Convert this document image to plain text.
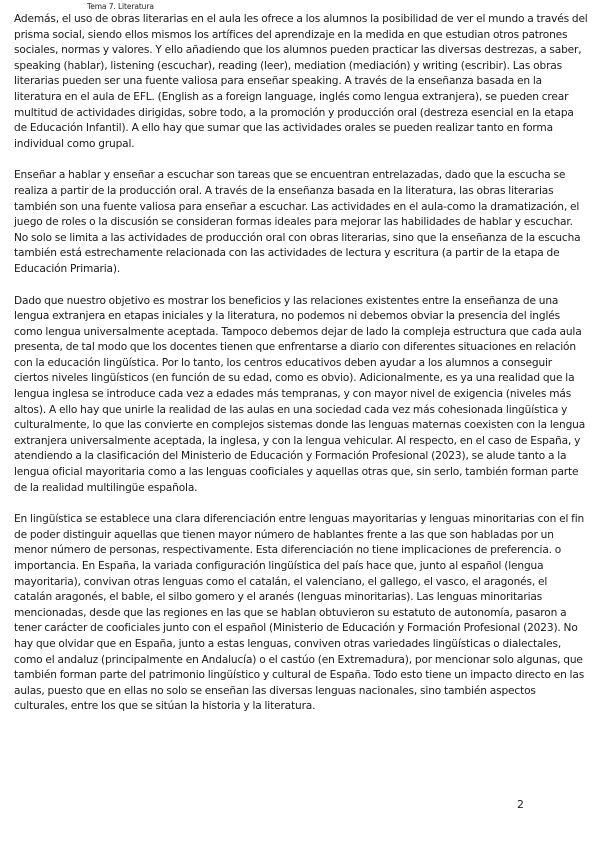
Tema 7. Literatura

Además, el uso de obras literarias en el aula les ofrece a los alumnos la posibilidad de ver el mundo a través del prisma social, siendo ellos mismos los artífices del aprendizaje en la medida en que estudian otros patrones sociales, normas y valores. Y ello añadiendo que los alumnos pueden practicar las diversas destrezas, a saber, speaking (hablar), listening (escuchar), reading (leer), mediation (mediación) y writing (escribir). Las obras literarias pueden ser una fuente valiosa para enseñar speaking. A través de la enseñanza basada en la literatura en el aula de EFL. (English as a foreign language, inglés como lengua extranjera), se pueden crear multitud de actividades dirigidas, sobre todo, a la promoción y producción oral (destreza esencial en la etapa de Educación Infantil). A ello hay que sumar que las actividades orales se pueden realizar tanto en forma individual como grupal.

Enseñar a hablar y enseñar a escuchar son tareas que se encuentran entrelazadas, dado que la escucha se realiza a partir de la producción oral. A través de la enseñanza basada en la literatura, las obras literarias también son una fuente valiosa para enseñar a escuchar. Las actividades en el aula-como la dramatización, el juego de roles o la discusión se consideran formas ideales para mejorar las habilidades de hablar y escuchar. No solo se limita a las actividades de producción oral con obras literarias, sino que la enseñanza de la escucha también está estrechamente relacionada con las actividades de lectura y escritura (a partir de la etapa de Educación Primaria).

Dado que nuestro objetivo es mostrar los beneficios y las relaciones existentes entre la enseñanza de una lengua extranjera en etapas iniciales y la literatura, no podemos ni debemos obviar la presencia del inglés como lengua universalmente aceptada. Tampoco debemos dejar de lado la compleja estructura que cada aula presenta, de tal modo que los docentes tienen que enfrentarse a diario con diferentes situaciones en relación con la educación lingüística. Por lo tanto, los centros educativos deben ayudar a los alumnos a conseguir ciertos niveles lingüísticos (en función de su edad, como es obvio). Adicionalmente, es ya una realidad que la lengua inglesa se introduce cada vez a edades más tempranas, y con mayor nivel de exigencia (niveles más altos). A ello hay que unirle la realidad de las aulas en una sociedad cada vez más cohesionada lingüística y culturalmente, lo que las convierte en complejos sistemas donde las lenguas maternas coexisten con la lengua extranjera universalmente aceptada, la inglesa, y con la lengua vehicular. Al respecto, en el caso de España, y atendiendo a la clasificación del Ministerio de Educación y Formación Profesional (2023), se alude tanto a la lengua oficial mayoritaria como a las lenguas cooficiales y aquellas otras que, sin serlo, también forman parte de la realidad multilingüe española.

En lingüística se establece una clara diferenciación entre lenguas mayoritarias y lenguas minoritarias con el fin de poder distinguir aquellas que tienen mayor número de hablantes frente a las que son habladas por un menor número de personas, respectivamente. Esta diferenciación no tiene implicaciones de preferencia. o importancia. En España, la variada configuración lingüística del país hace que, junto al español (lengua mayoritaria), convivan otras lenguas como el catalán, el valenciano, el gallego, el vasco, el aragonés, el catalán aragonés, el bable, el silbo gomero y el aranés (lenguas minoritarias). Las lenguas minoritarias mencionadas, desde que las regiones en las que se hablan obtuvieron su estatuto de autonomía, pasaron a tener carácter de cooficiales junto con el español (Ministerio de Educación y Formación Profesional (2023). No hay que olvidar que en España, junto a estas lenguas, conviven otras variedades lingüísticas o dialectales, como el andaluz (principalmente en Andalucía) o el castúo (en Extremadura), por mencionar solo algunas, que también forman parte del patrimonio lingüístico y cultural de España. Todo esto tiene un impacto directo en las aulas, puesto que en ellas no solo se enseñan las diversas lenguas nacionales, sino también aspectos culturales, entre los que se sitúan la historia y la literatura.

2
